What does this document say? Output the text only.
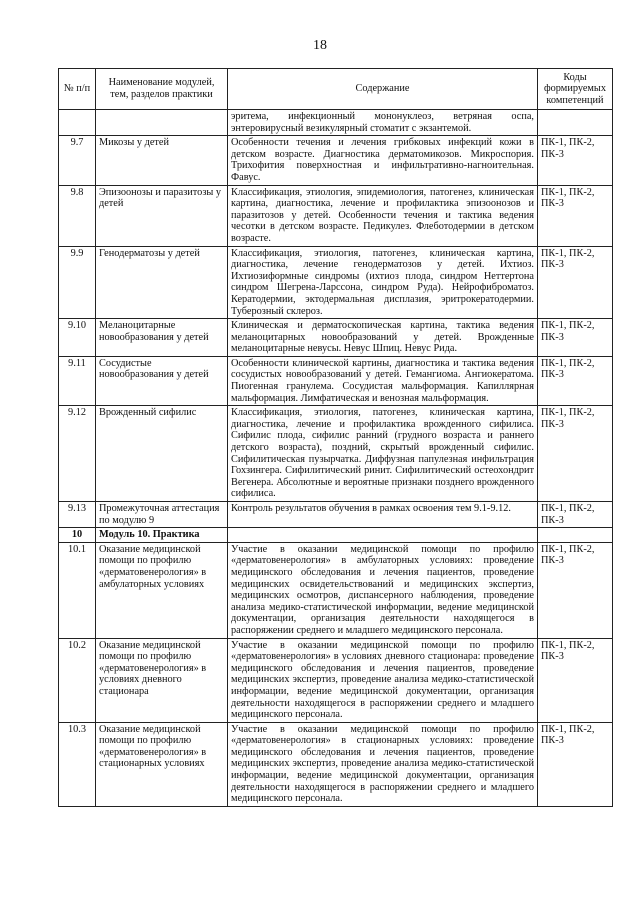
18
№ п/п	Наименование модулей, тем, разделов практики	Содержание	Коды формируемых компетенций
		эритема, инфекционный мононуклеоз, ветряная оспа, энтеровирусный везикулярный стоматит с экзантемой.	
9.7	Микозы у детей	Особенности течения и лечения грибковых инфекций кожи в детском возрасте. Диагностика дерматомикозов. Микроспория. Трихофития поверхностная и инфильтративно-нагноительная. Фавус.	ПК-1, ПК-2, ПК-3
9.8	Эпизоонозы и паразитозы у детей	Классификация, этиология, эпидемиология, патогенез, клиническая картина, диагностика, лечение и профилактика эпизоонозов и паразитозов у детей. Особенности течения и тактика ведения чесотки в детском возрасте. Педикулез. Флеботодермии в детском возрасте.	ПК-1, ПК-2, ПК-3
9.9	Генодерматозы у детей	Классификация, этиология, патогенез, клиническая картина, диагностика, лечение генодерматозов у детей. Ихтиоз. Ихтиозиформные синдромы (ихтиоз плода, синдром Неттертона синдром Шегрена-Ларссона, синдром Руда). Нейрофиброматоз. Кератодермии, эктодермальная дисплазия, эритрокератодермии. Туберозный склероз.	ПК-1, ПК-2, ПК-3
9.10	Меланоцитарные новообразования у детей	Клиническая и дерматоскопическая картина, тактика ведения меланоцитарных новообразований у детей. Врожденные меланоцитарные невусы. Невус Шпиц. Невус Рида.	ПК-1, ПК-2, ПК-3
9.11	Сосудистые новообразования у детей	Особенности клинической картины, диагностика и тактика ведения сосудистых новообразований у детей. Гемангиома. Ангиокератома. Пиогенная гранулема. Сосудистая мальформация. Капиллярная мальформация. Лимфатическая и венозная мальформация.	ПК-1, ПК-2, ПК-3
9.12	Врожденный сифилис	Классификация, этиология, патогенез, клиническая картина, диагностика, лечение и профилактика врожденного сифилиса. Сифилис плода, сифилис ранний (грудного возраста и раннего детского возраста), поздний, скрытый врожденный сифилис. Сифилитическая пузырчатка. Диффузная папулезная инфильтрация Гохзингера. Сифилитический ринит. Сифилитический остеохондрит Вегенера. Абсолютные и вероятные признаки позднего врожденного сифилиса.	ПК-1, ПК-2, ПК-3
9.13	Промежуточная аттестация по модулю 9	Контроль результатов обучения в рамках освоения тем 9.1-9.12.	ПК-1, ПК-2, ПК-3
10	Модуль 10. Практика		
10.1	Оказание медицинской помощи по профилю «дерматовенерология» в амбулаторных условиях	Участие в оказании медицинской помощи по профилю «дерматовенерология» в амбулаторных условиях: проведение медицинского обследования и лечения пациентов, проведение медицинских освидетельствований и медицинских экспертиз, медицинских осмотров, диспансерного наблюдения, проведение анализа медико-статистической информации, ведение медицинской документации, организация деятельности находящегося в распоряжении среднего и младшего медицинского персонала.	ПК-1, ПК-2, ПК-3
10.2	Оказание медицинской помощи по профилю «дерматовенерология» в условиях дневного стационара	Участие в оказании медицинской помощи по профилю «дерматовенерология» в условиях дневного стационара: проведение медицинского обследования и лечения пациентов, проведение медицинских экспертиз, проведение анализа медико-статистической информации, ведение медицинской документации, организация деятельности находящегося в распоряжении среднего и младшего медицинского персонала.	ПК-1, ПК-2, ПК-3
10.3	Оказание медицинской помощи по профилю «дерматовенерология» в стационарных условиях	Участие в оказании медицинской помощи по профилю «дерматовенерология» в стационарных условиях: проведение медицинского обследования и лечения пациентов, проведение медицинских экспертиз, проведение анализа медико-статистической информации, ведение медицинской документации, организация деятельности находящегося в распоряжении среднего и младшего медицинского персонала.	ПК-1, ПК-2, ПК-3
